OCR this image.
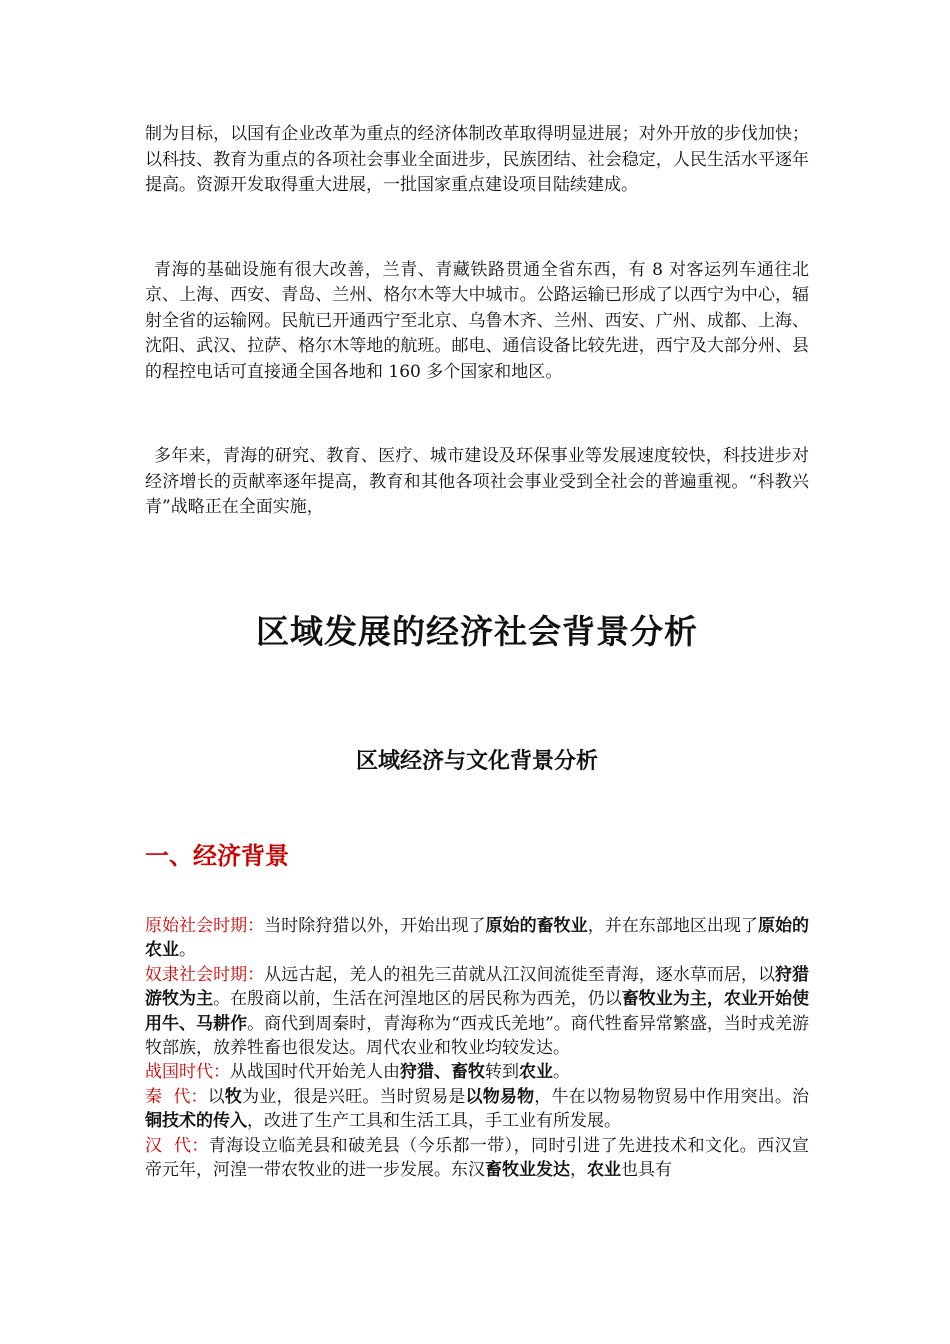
制为目标，以国有企业改革为重点的经济体制改革取得明显进展；对外开放的步伐加快；以科技、教育为重点的各项社会事业全面进步，民族团结、社会稳定，人民生活水平逐年提高。资源开发取得重大进展，一批国家重点建设项目陆续建成。

青海的基础设施有很大改善，兰青、青藏铁路贯通全省东西，有 8 对客运列车通往北京、上海、西安、青岛、兰州、格尔木等大中城市。公路运输已形成了以西宁为中心，辐射全省的运输网。民航已开通西宁至北京、乌鲁木齐、兰州、西安、广州、成都、上海、沈阳、武汉、拉萨、格尔木等地的航班。邮电、通信设备比较先进，西宁及大部分州、县的程控电话可直接通全国各地和 160 多个国家和地区。

多年来，青海的研究、教育、医疗、城市建设及环保事业等发展速度较快，科技进步对经济增长的贡献率逐年提高，教育和其他各项社会事业受到全社会的普遍重视。“科教兴青”战略正在全面实施，

区域发展的经济社会背景分析
区域经济与文化背景分析
一、经济背景

原始社会时期：当时除狩猎以外，开始出现了原始的畜牧业，并在东部地区出现了原始的农业。

奴隶社会时期：从远古起，羌人的祖先三苗就从江汉间流徙至青海，逐水草而居，以狩猎游牧为主。在殷商以前，生活在河湟地区的居民称为西羌，仍以畜牧业为主，农业开始使用牛、马耕作。商代到周秦时，青海称为“西戎氏羌地”。商代牲畜异常繁盛，当时戎羌游牧部族，放养牲畜也很发达。周代农业和牧业均较发达。

战国时代：从战国时代开始羌人由狩猎、畜牧转到农业。

秦  代：以牧为业，很是兴旺。当时贸易是以物易物，牛在以物易物贸易中作用突出。治铜技术的传入，改进了生产工具和生活工具，手工业有所发展。

汉  代：青海设立临羌县和破羌县（今乐都一带），同时引进了先进技术和文化。西汉宣帝元年，河湟一带农牧业的进一步发展。东汉畜牧业发达，农业也具有
